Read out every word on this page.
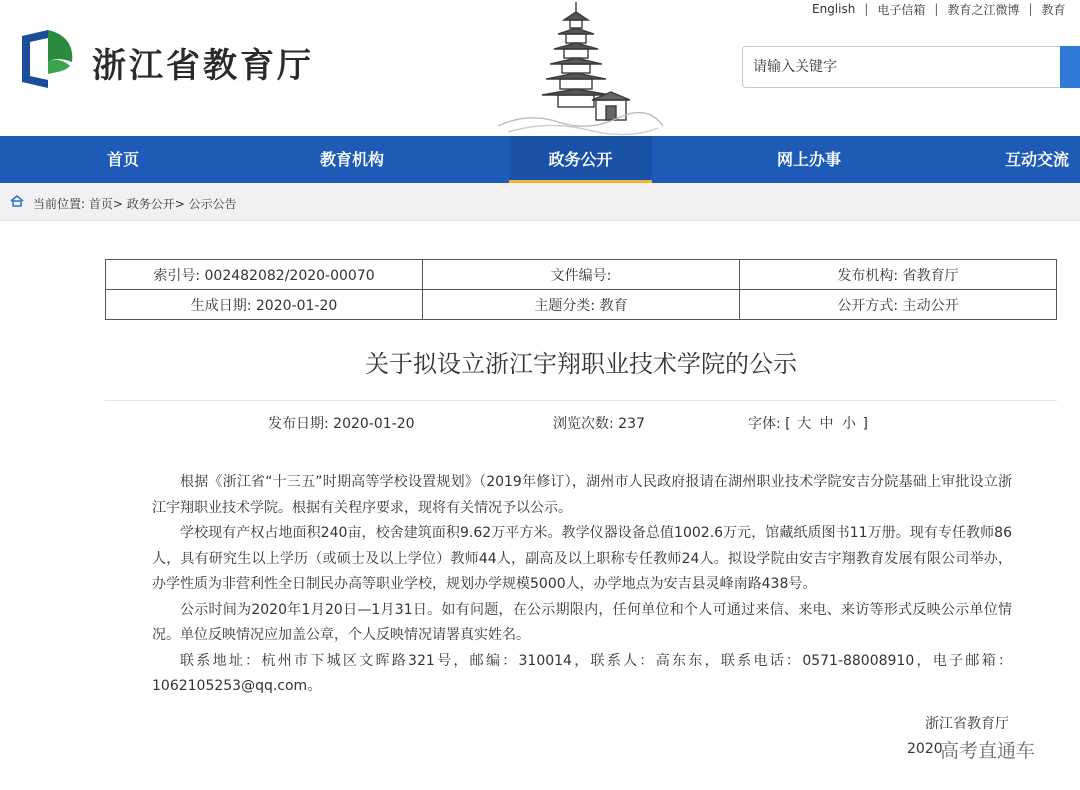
浙江省教育厅
English | 电子信箱 | 教育之江微博 | 教育
请输入关键字
首页	教育机构	政务公开	网上办事	互动交流
当前位置: 首页> 政务公开> 公示公告
索引号: 002482082/2020-00070	文件编号:	发布机构: 省教育厅
生成日期: 2020-01-20	主题分类: 教育	公开方式: 主动公开
关于拟设立浙江宇翔职业技术学院的公示
发布日期: 2020-01-20	浏览次数: 237	字体: [ 大 中 小 ]

根据《浙江省“十三五”时期高等学校设置规划》（2019年修订），湖州市人民政府报请在湖州职业技术学院安吉分院基础上审批设立浙江宇翔职业技术学院。根据有关程序要求，现将有关情况予以公示。

学校现有产权占地面积240亩，校舍建筑面积9.62万平方米。教学仪器设备总值1002.6万元，馆藏纸质图书11万册。现有专任教师86人，具有研究生以上学历（或硕士及以上学位）教师44人，副高及以上职称专任教师24人。拟设学院由安吉宇翔教育发展有限公司举办，办学性质为非营利性全日制民办高等职业学校，规划办学规模5000人，办学地点为安吉县灵峰南路438号。

公示时间为2020年1月20日—1月31日。如有问题，在公示期限内，任何单位和个人可通过来信、来电、来访等形式反映公示单位情况。单位反映情况应加盖公章，个人反映情况请署真实姓名。

联系地址：杭州市下城区文晖路321号，邮编：310014，联系人：高东东，联系电话：0571-88008910，电子邮箱：1062105253@qq.com。

浙江省教育厅
2020
高考直通车
